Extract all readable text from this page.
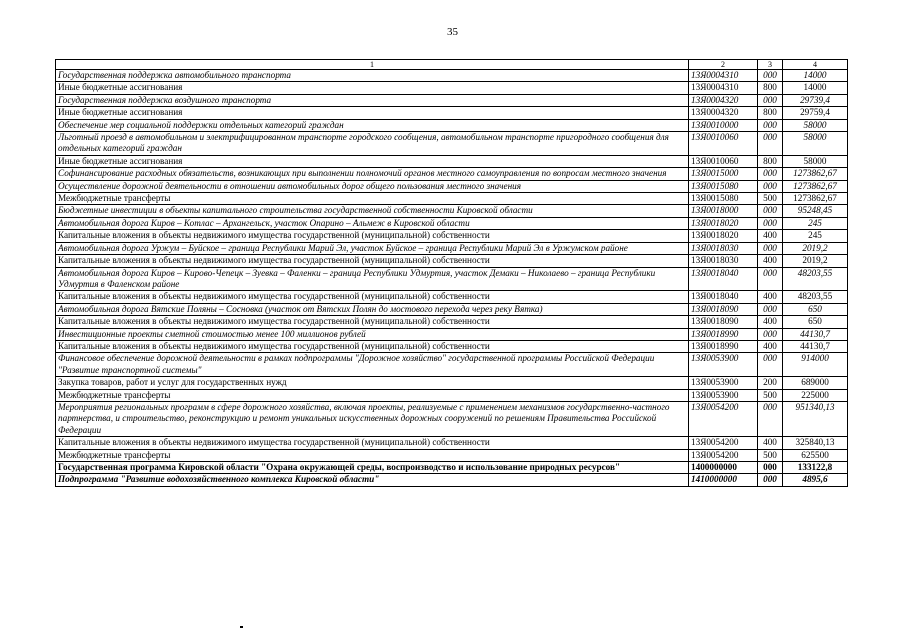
35
1	2	3	4
Государственная поддержка автомобильного транспорта	13Я0004310	000	14000
Иные бюджетные ассигнования	13Я0004310	800	14000
Государственная поддержка воздушного транспорта	13Я0004320	000	29739,4
Иные бюджетные ассигнования	13Я0004320	800	29759,4
Обеспечение мер социальной поддержки отдельных категорий граждан	13Я0010000	000	58000
Льготный проезд в автомобильном и электрифицированном транспорте городского сообщения, автомобильном транспорте пригородного сообщения для отдельных категорий граждан	13Я0010060	000	58000
Иные бюджетные ассигнования	13Я0010060	800	58000
Софинансирование расходных обязательств, возникающих при выполнении полномочий органов местного самоуправления по вопросам местного значения	13Я0015000	000	1273862,67
Осуществление дорожной деятельности в отношении автомобильных дорог общего пользования местного значения	13Я0015080	000	1273862,67
Межбюджетные трансферты	13Я0015080	500	1273862,67
Бюджетные инвестиции в объекты капитального строительства государственной собственности Кировской области	13Я0018000	000	95248,45
Автомобильная дорога Киров – Котлас – Архангельск, участок Опарино – Альмеж в Кировской области	13Я0018020	000	245
Капитальные вложения в объекты недвижимого имущества государственной (муниципальной) собственности	13Я0018020	400	245
Автомобильная дорога Уржум – Буйское – граница Республики Марий Эл, участок Буйское – граница Республики Марий Эл в Уржумском районе	13Я0018030	000	2019,2
Капитальные вложения в объекты недвижимого имущества государственной (муниципальной) собственности	13Я0018030	400	2019,2
Автомобильная дорога Киров – Кирово-Чепецк – Зуевка – Фаленки – граница Республики Удмуртия, участок Демаки – Николаево – граница Республики Удмуртия в Фаленском районе	13Я0018040	000	48203,55
Капитальные вложения в объекты недвижимого имущества государственной (муниципальной) собственности	13Я0018040	400	48203,55
Автомобильная дорога Вятские Поляны – Сосновка (участок от Вятских Полян до мостового перехода через реку Вятка)	13Я0018090	000	650
Капитальные вложения в объекты недвижимого имущества государственной (муниципальной) собственности	13Я0018090	400	650
Инвестиционные проекты сметной стоимостью менее 100 миллионов рублей	13Я0018990	000	44130,7
Капитальные вложения в объекты недвижимого имущества государственной (муниципальной) собственности	13Я0018990	400	44130,7
Финансовое обеспечение дорожной деятельности в рамках подпрограммы "Дорожное хозяйство" государственной программы Российской Федерации "Развитие транспортной системы"	13Я0053900	000	914000
Закупка товаров, работ и услуг для государственных нужд	13Я0053900	200	689000
Межбюджетные трансферты	13Я0053900	500	225000
Мероприятия региональных программ в сфере дорожного хозяйства, включая проекты, реализуемые с применением механизмов государственно-частного партнерства, и строительство, реконструкцию и ремонт уникальных искусственных дорожных сооружений по решениям Правительства Российской Федерации	13Я0054200	000	951340,13
Капитальные вложения в объекты недвижимого имущества государственной (муниципальной) собственности	13Я0054200	400	325840,13
Межбюджетные трансферты	13Я0054200	500	625500
Государственная программа Кировской области "Охрана окружающей среды, воспроизводство и использование природных ресурсов"	1400000000	000	133122,8
Подпрограмма "Развитие водохозяйственного комплекса Кировской области"	1410000000	000	4895,6
